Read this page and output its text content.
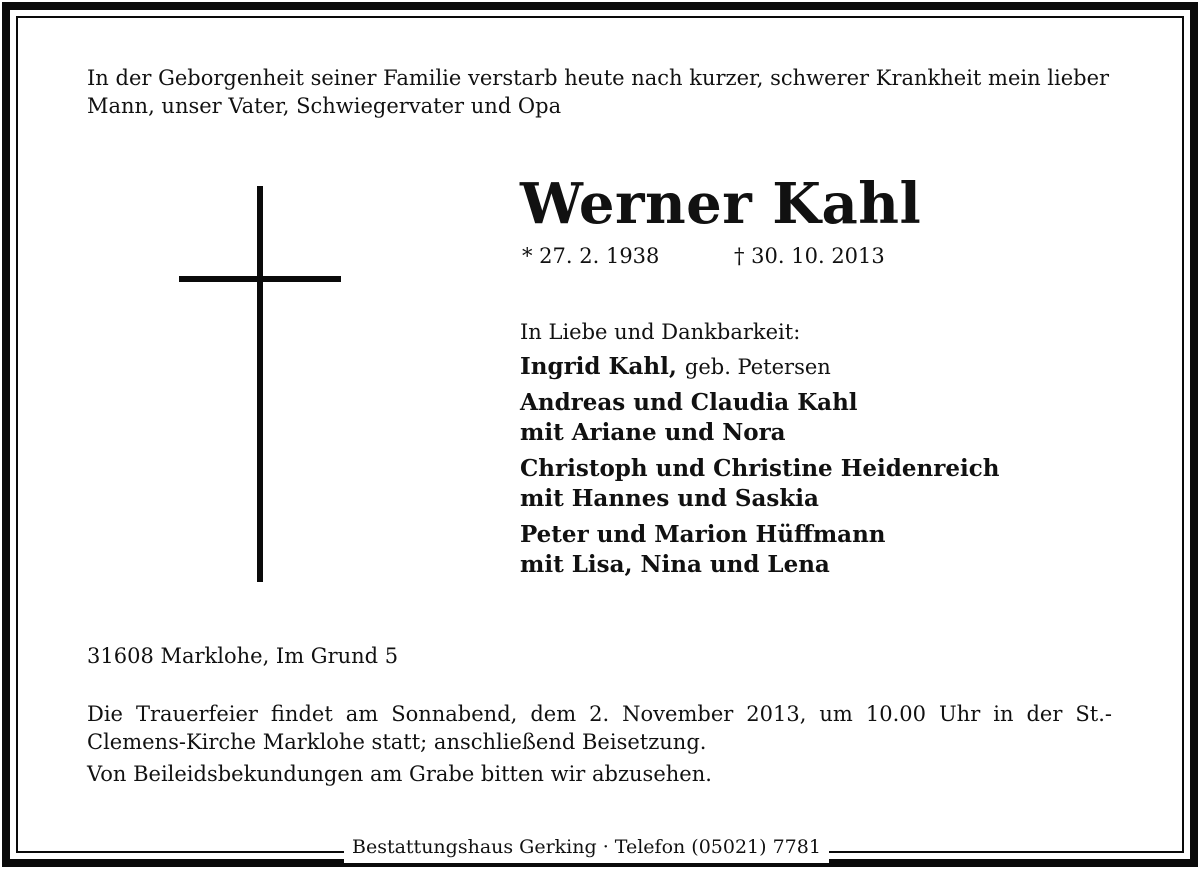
In der Geborgenheit seiner Familie verstarb heute nach kurzer, schwerer Krankheit mein lieber Mann, unser Vater, Schwiegervater und Opa

Werner Kahl
* 27. 2. 1938	† 30. 10. 2013
In Liebe und Dankbarkeit:
Ingrid Kahl, geb. Petersen
Andreas und Claudia Kahl
mit Ariane und Nora
Christoph und Christine Heidenreich
mit Hannes und Saskia
Peter und Marion Hüffmann
mit Lisa, Nina und Lena
31608 Marklohe, Im Grund 5

Die Trauerfeier findet am Sonnabend, dem 2. November 2013, um 10.00 Uhr in der St.-Clemens-Kirche Marklohe statt; anschließend Beisetzung.

Von Beileidsbekundungen am Grabe bitten wir abzusehen.
Bestattungshaus Gerking · Telefon (05021) 7781
